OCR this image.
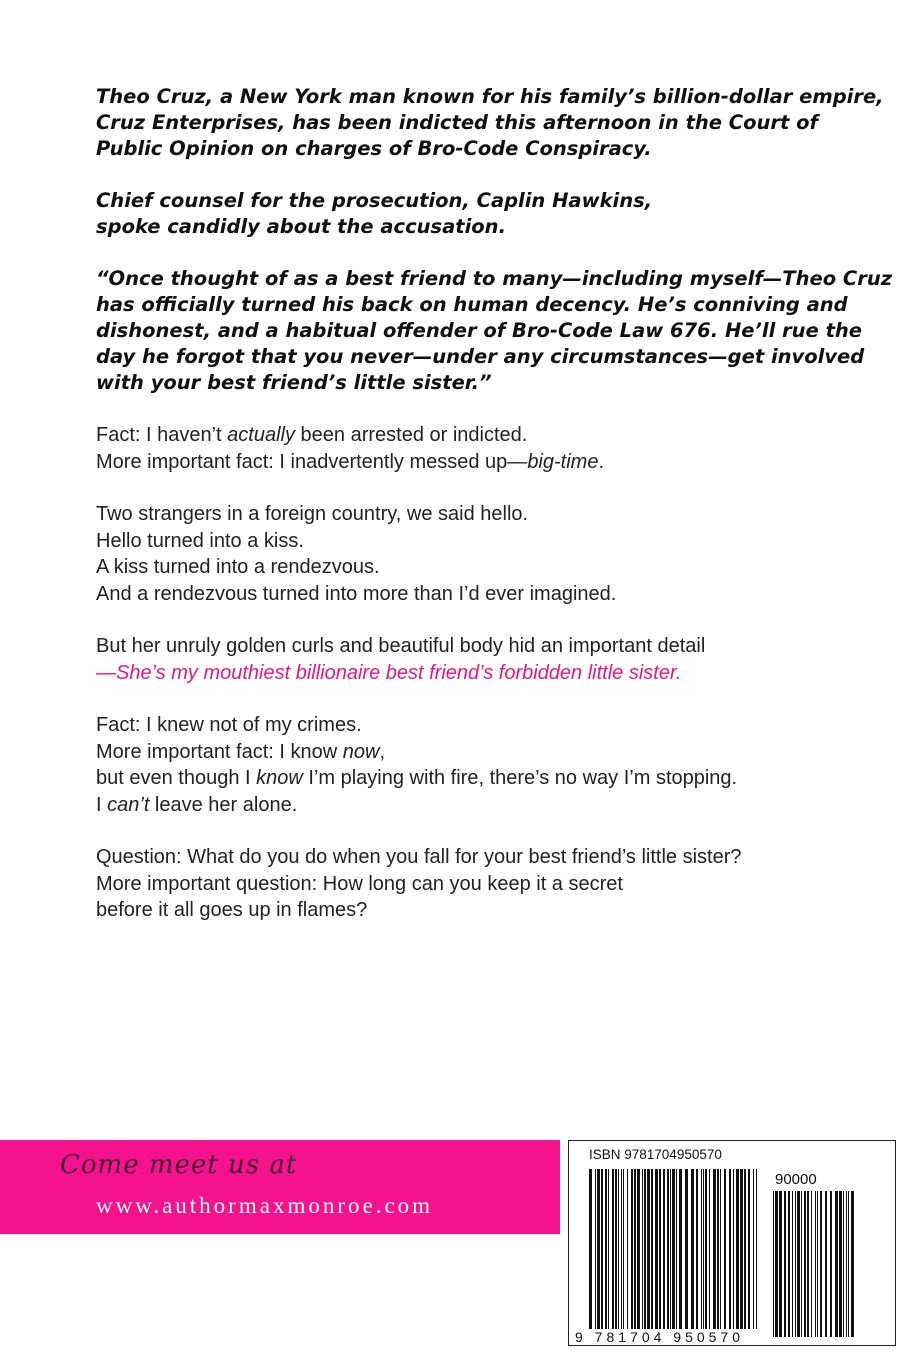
Theo Cruz, a New York man known for his family’s billion-dollar empire,
Cruz Enterprises, has been indicted this afternoon in the Court of
Public Opinion on charges of Bro-Code Conspiracy.

Chief counsel for the prosecution, Caplin Hawkins,
spoke candidly about the accusation.

“Once thought of as a best friend to many—including myself—Theo Cruz
has officially turned his back on human decency. He’s conniving and
dishonest, and a habitual offender of Bro-Code Law 676. He’ll rue the
day he forgot that you never—under any circumstances—get involved
with your best friend’s little sister.”

Fact: I haven’t actually been arrested or indicted.
More important fact: I inadvertently messed up—big-time.

Two strangers in a foreign country, we said hello.
Hello turned into a kiss.
A kiss turned into a rendezvous.
And a rendezvous turned into more than I’d ever imagined.

But her unruly golden curls and beautiful body hid an important detail
—She’s my mouthiest billionaire best friend’s forbidden little sister.

Fact: I knew not of my crimes.
More important fact: I know now,
but even though I know I’m playing with fire, there’s no way I’m stopping.
I can’t leave her alone.

Question: What do you do when you fall for your best friend’s little sister?
More important question: How long can you keep it a secret
before it all goes up in flames?

Come meet us at
www.authormaxmonroe.com
ISBN 9781704950570
90000
9 781704 950570
